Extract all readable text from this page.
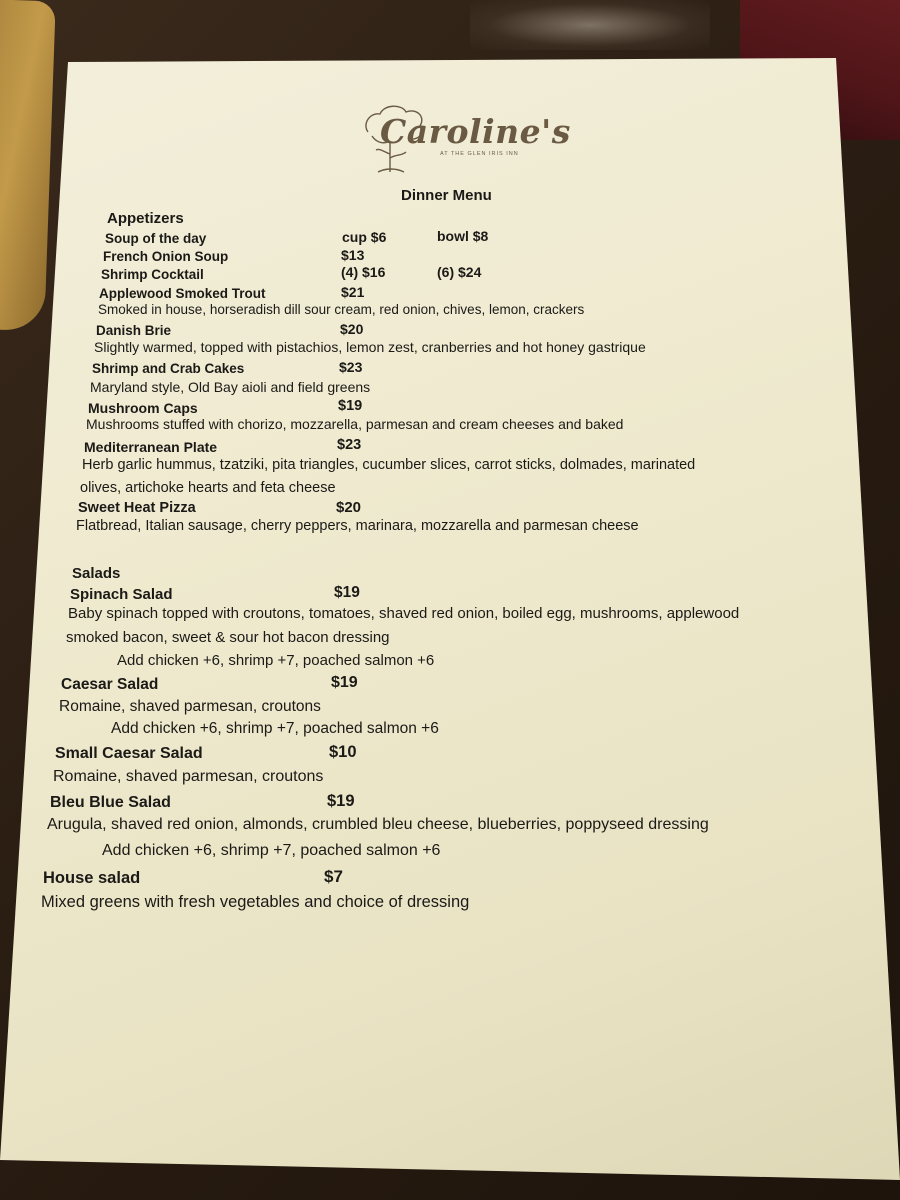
Caroline's
AT THE GLEN IRIS INN
Dinner Menu
Appetizers
Soup of the day	cup $6	bowl $8
French Onion Soup	$13
Shrimp Cocktail	(4) $16	(6) $24
Applewood Smoked Trout	$21
Smoked in house, horseradish dill sour cream, red onion, chives, lemon, crackers
Danish Brie	$20
Slightly warmed, topped with pistachios, lemon zest, cranberries and hot honey gastrique
Shrimp and Crab Cakes	$23
Maryland style, Old Bay aioli and field greens
Mushroom Caps	$19
Mushrooms stuffed with chorizo, mozzarella, parmesan and cream cheeses and baked
Mediterranean Plate	$23
Herb garlic hummus, tzatziki, pita triangles, cucumber slices, carrot sticks, dolmades, marinated
olives, artichoke hearts and feta cheese
Sweet Heat Pizza	$20
Flatbread, Italian sausage, cherry peppers, marinara, mozzarella and parmesan cheese
Salads
Spinach Salad	$19
Baby spinach topped with croutons, tomatoes, shaved red onion, boiled egg, mushrooms, applewood
smoked bacon, sweet & sour hot bacon dressing
Add chicken +6, shrimp +7, poached salmon +6
Caesar Salad	$19
Romaine, shaved parmesan, croutons
Add chicken +6, shrimp +7, poached salmon +6
Small Caesar Salad	$10
Romaine, shaved parmesan, croutons
Bleu Blue Salad	$19
Arugula, shaved red onion, almonds, crumbled bleu cheese, blueberries, poppyseed dressing
Add chicken +6, shrimp +7, poached salmon +6
House salad	$7
Mixed greens with fresh vegetables and choice of dressing
